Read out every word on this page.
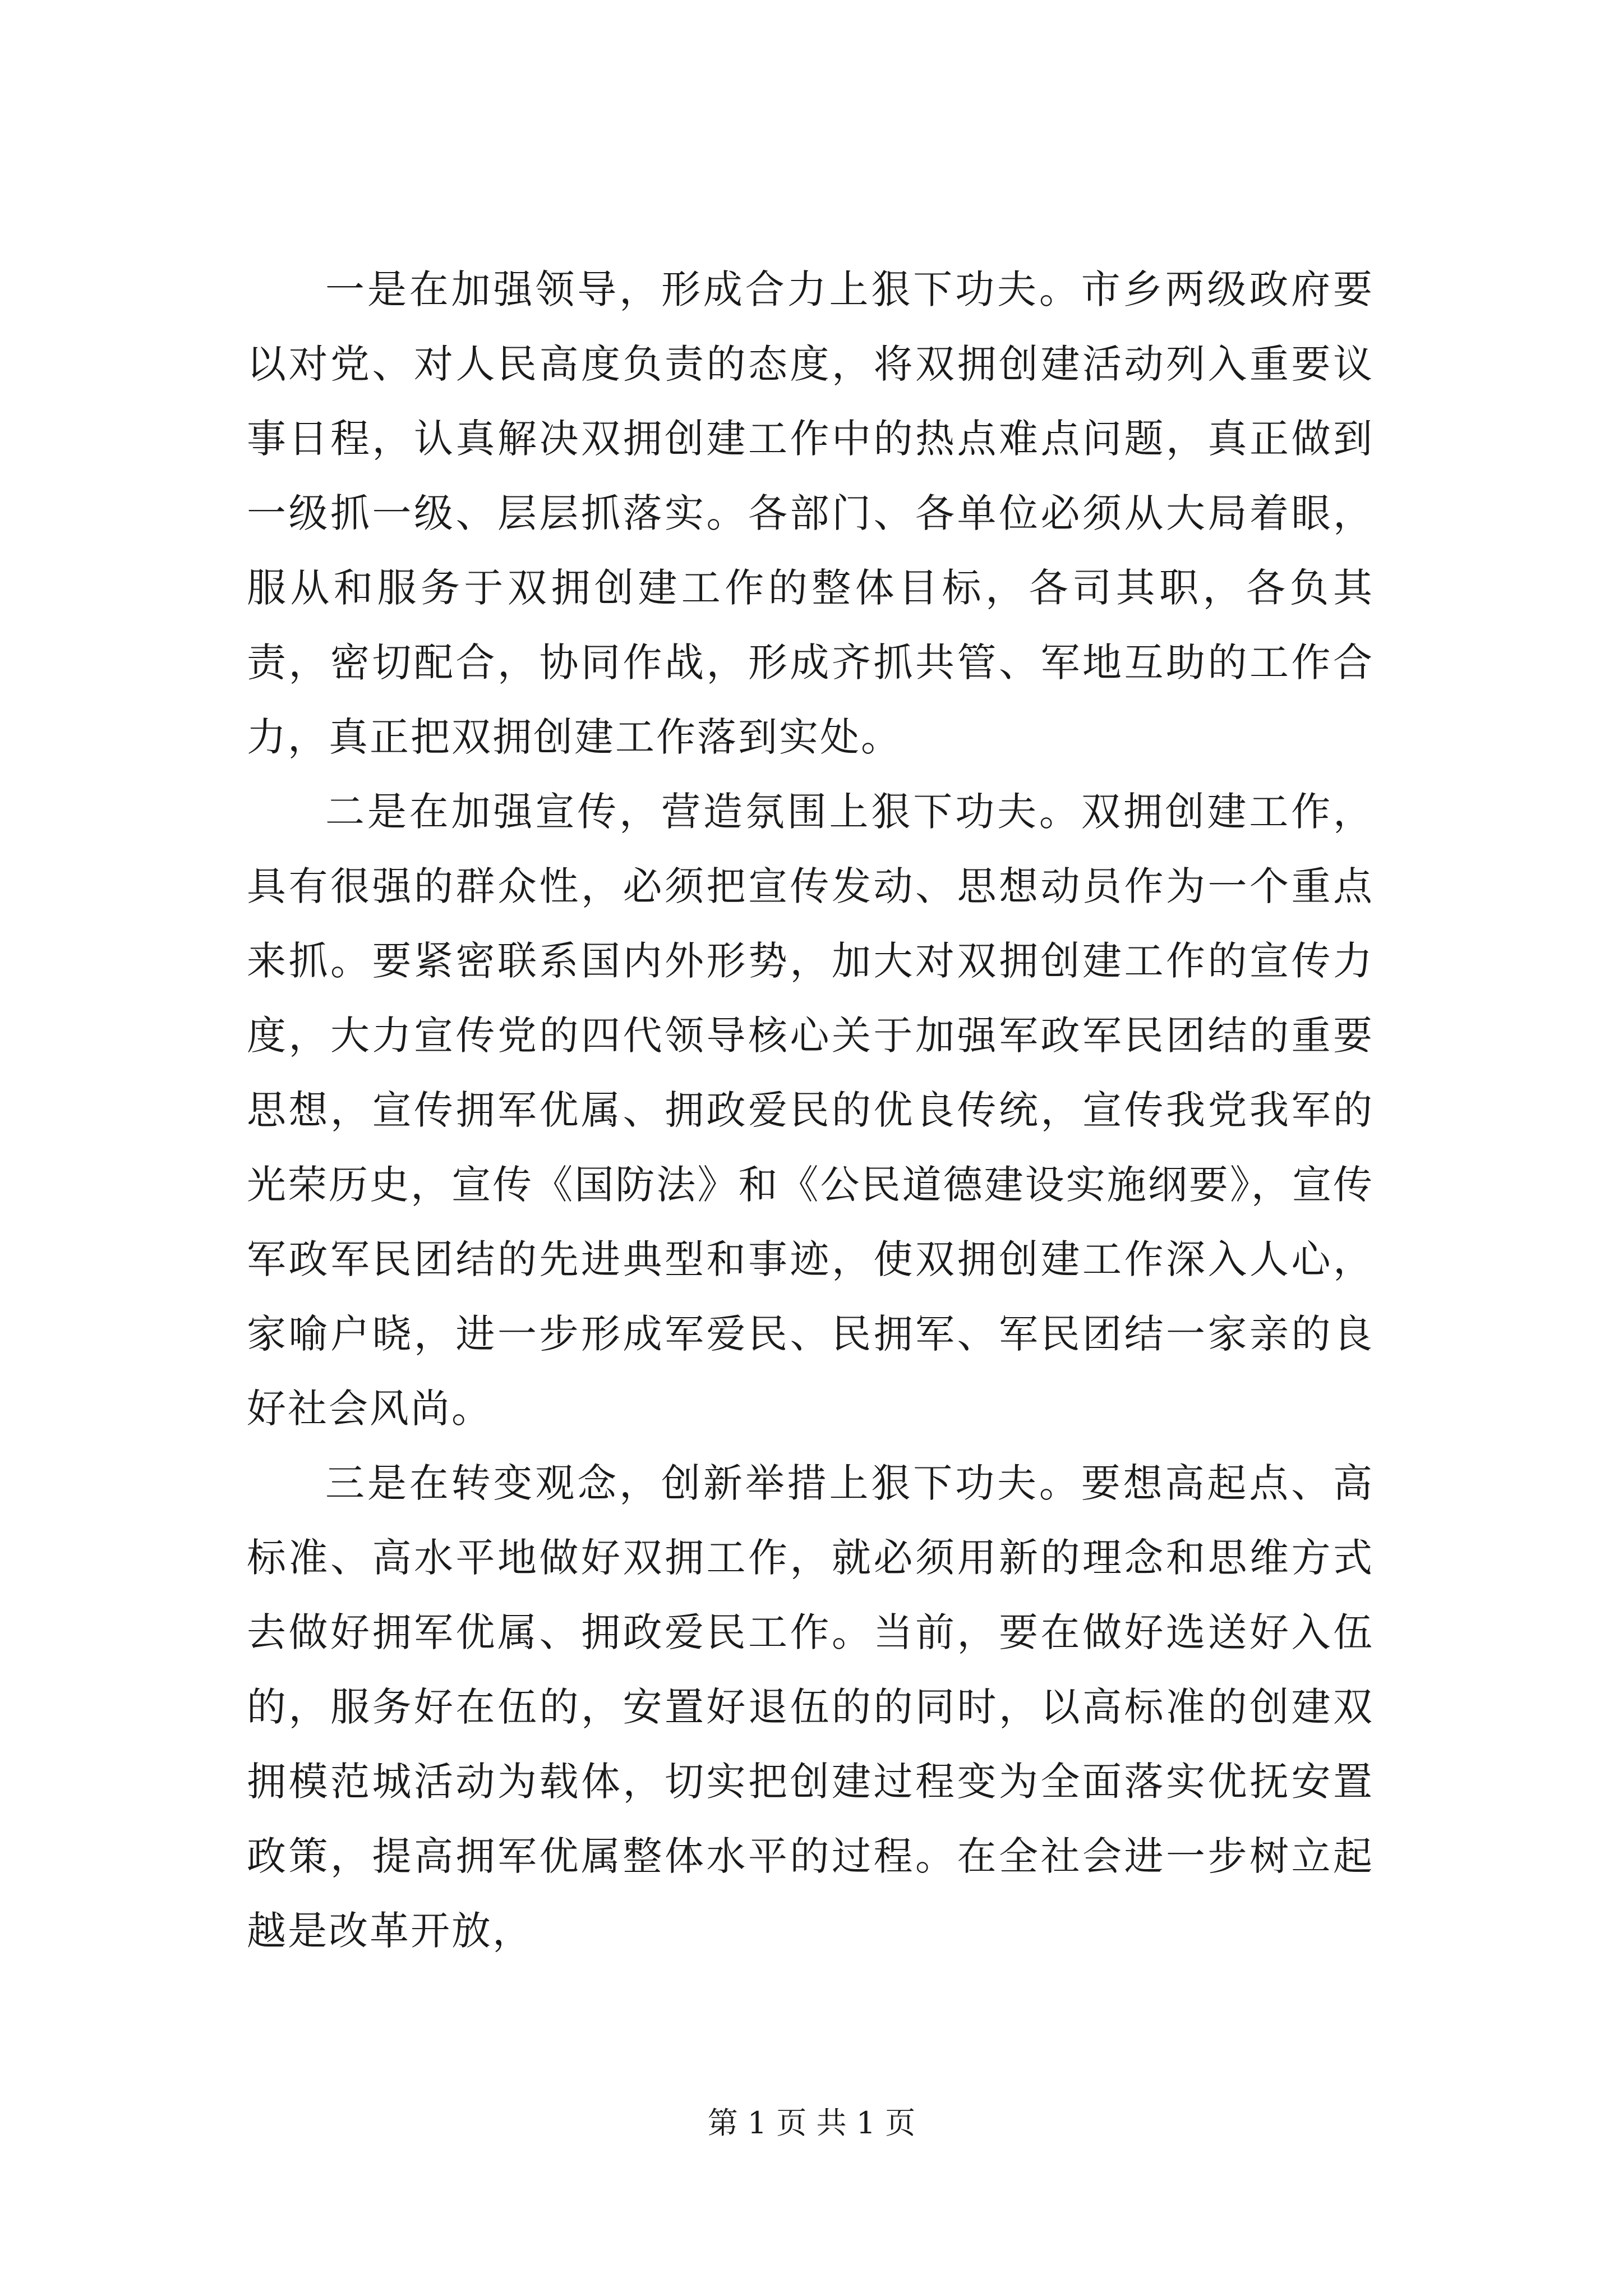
一是在加强领导，形成合力上狠下功夫。市乡两级政府要以对党、对人民高度负责的态度，将双拥创建活动列入重要议事日程，认真解决双拥创建工作中的热点难点问题，真正做到一级抓一级、层层抓落实。各部门、各单位必须从大局着眼，服从和服务于双拥创建工作的整体目标，各司其职，各负其责，密切配合，协同作战，形成齐抓共管、军地互助的工作合力，真正把双拥创建工作落到实处。

二是在加强宣传，营造氛围上狠下功夫。双拥创建工作，具有很强的群众性，必须把宣传发动、思想动员作为一个重点来抓。要紧密联系国内外形势，加大对双拥创建工作的宣传力度，大力宣传党的四代领导核心关于加强军政军民团结的重要思想，宣传拥军优属、拥政爱民的优良传统，宣传我党我军的光荣历史，宣传《国防法》和《公民道德建设实施纲要》，宣传军政军民团结的先进典型和事迹，使双拥创建工作深入人心，家喻户晓，进一步形成军爱民、民拥军、军民团结一家亲的良好社会风尚。

三是在转变观念，创新举措上狠下功夫。要想高起点、高标准、高水平地做好双拥工作，就必须用新的理念和思维方式去做好拥军优属、拥政爱民工作。当前，要在做好选送好入伍的，服务好在伍的，安置好退伍的的同时，以高标准的创建双拥模范城活动为载体，切实把创建过程变为全面落实优抚安置政策，提高拥军优属整体水平的过程。在全社会进一步树立起越是改革开放，

第 1 页 共 1 页
